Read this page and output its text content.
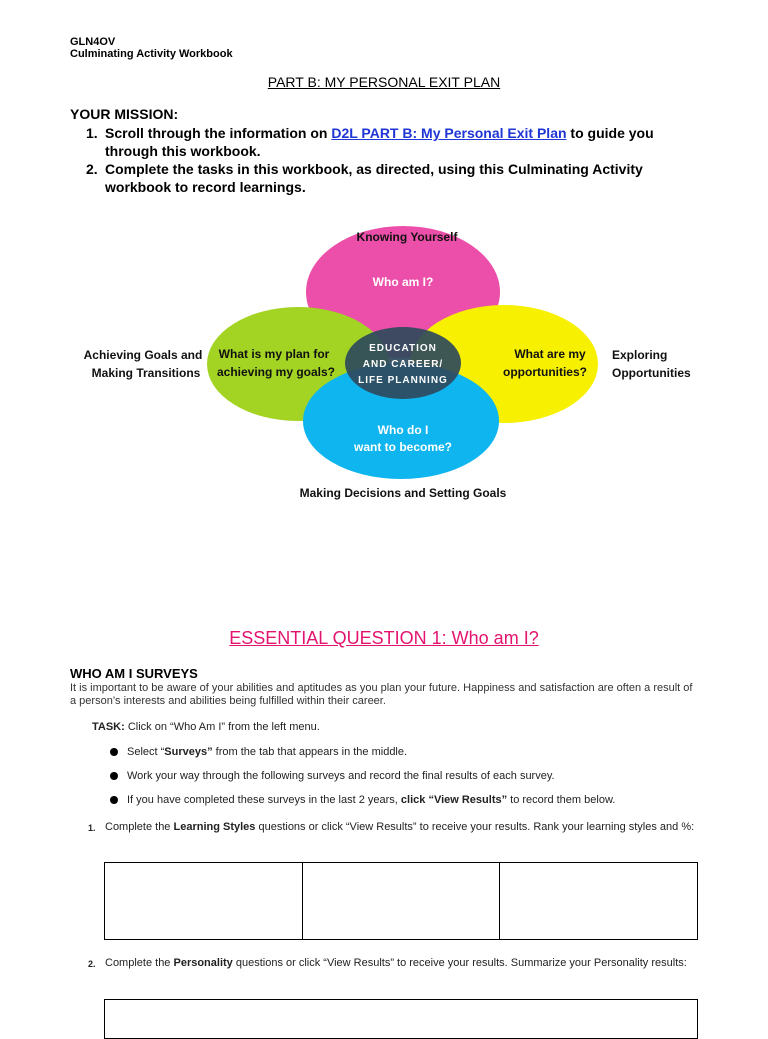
GLN4OV
Culminating Activity Workbook
PART B: MY PERSONAL EXIT PLAN
YOUR MISSION:
1. Scroll through the information on D2L PART B: My Personal Exit Plan to guide you through this workbook.
2. Complete the tasks in this workbook, as directed, using this Culminating Activity workbook to record learnings.
Knowing Yourself
Making Decisions and Setting Goals
Achieving Goals and
Making Transitions
Exploring
Opportunities
Who am I?
What is my plan for
achieving my goals?
What are my
opportunities?
Who do I
want to become?
EDUCATION
AND CAREER/
LIFE PLANNING
ESSENTIAL QUESTION 1: Who am I?
WHO AM I SURVEYS
It is important to be aware of your abilities and aptitudes as you plan your future. Happiness and satisfaction are often a result of a person’s interests and abilities being fulfilled within their career.
TASK: Click on “Who Am I” from the left menu.
Select “Surveys” from the tab that appears in the middle.
Work your way through the following surveys and record the final results of each survey.
If you have completed these surveys in the last 2 years, click “View Results” to record them below.
1. Complete the Learning Styles questions or click “View Results” to receive your results. Rank your learning styles and %:
2. Complete the Personality questions or click “View Results” to receive your results. Summarize your Personality results:
